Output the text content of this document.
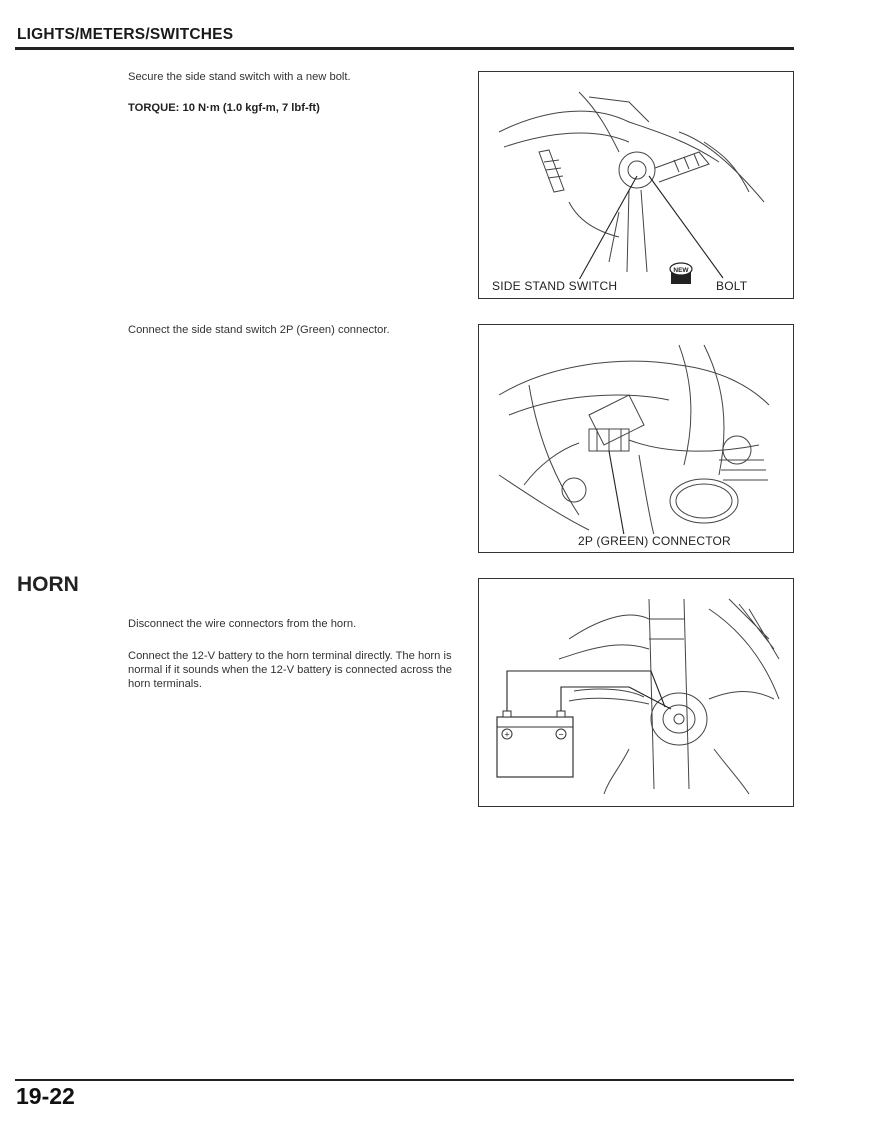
LIGHTS/METERS/SWITCHES
Secure the side stand switch with a new bolt.
TORQUE: 10 N·m (1.0 kgf-m, 7 lbf-ft)
NEW
SIDE STAND SWITCH	BOLT
Connect the side stand switch 2P (Green) connector.
2P (GREEN) CONNECTOR
HORN
Disconnect the wire connectors from the horn.
Connect the 12-V battery to the horn terminal directly. The horn is normal if it sounds when the 12-V battery is connected across the horn terminals.
+	−
19-22
